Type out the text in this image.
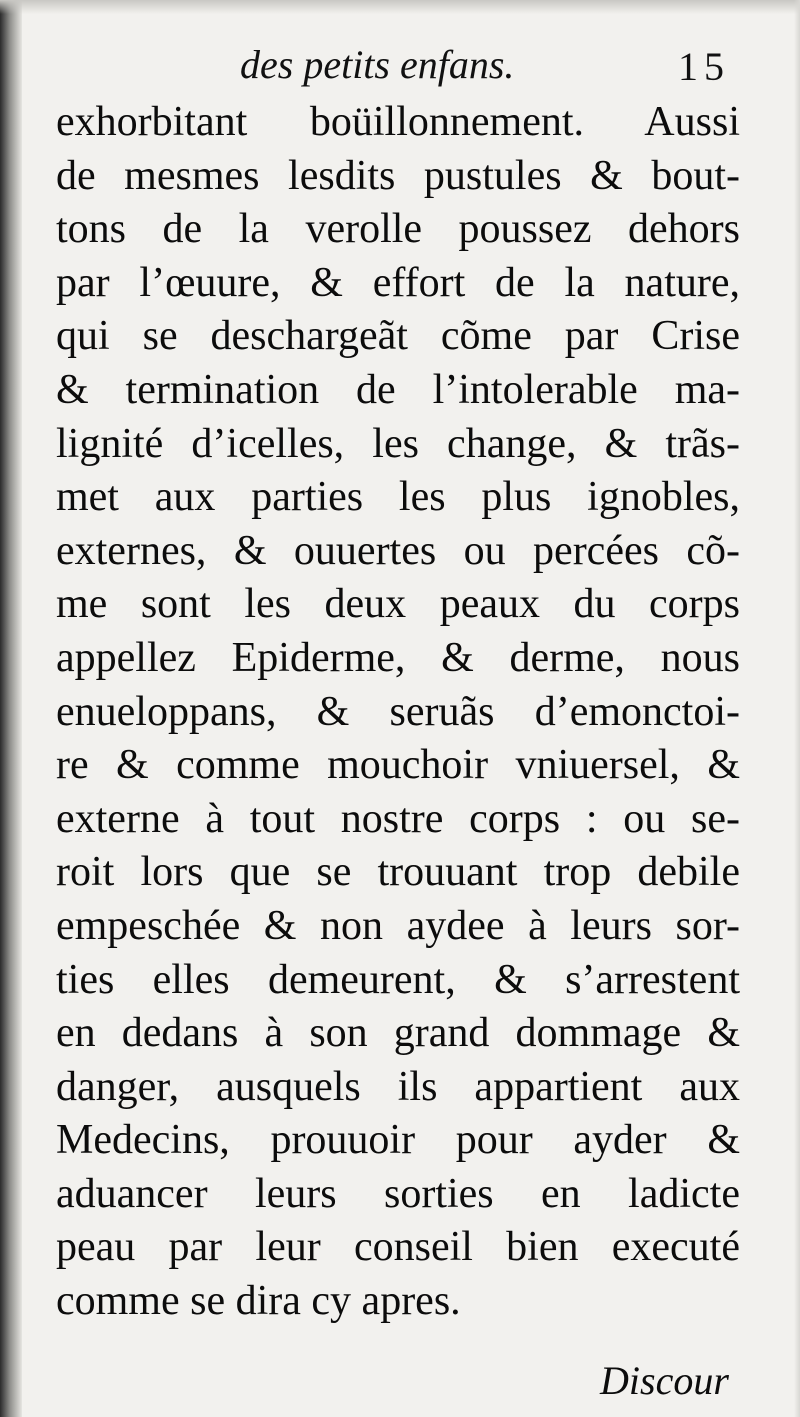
des petits enfans.	15
exhorbitant boüillonnement. Aussi
de mesmes lesdits pustules & bout-
tons de la verolle poussez dehors
par l’œuure, & effort de la nature,
qui se deschargeãt cõme par Crise
& termination de l’intolerable ma-
lignité d’icelles, les change, & trãs-
met aux parties les plus ignobles,
externes, & ouuertes ou percées cõ-
me sont les deux peaux du corps
appellez Epiderme, & derme, nous
enueloppans, & seruãs d’emonctoi-
re & comme mouchoir vniuersel, &
externe à tout nostre corps : ou se-
roit lors que se trouuant trop debile
empeschée & non aydee à leurs sor-
ties elles demeurent, & s’arrestent
en dedans à son grand dommage &
danger, ausquels ils appartient aux
Medecins, prouuoir pour ayder &
aduancer leurs sorties en ladicte
peau par leur conseil bien executé
comme se dira cy apres.
Discour
